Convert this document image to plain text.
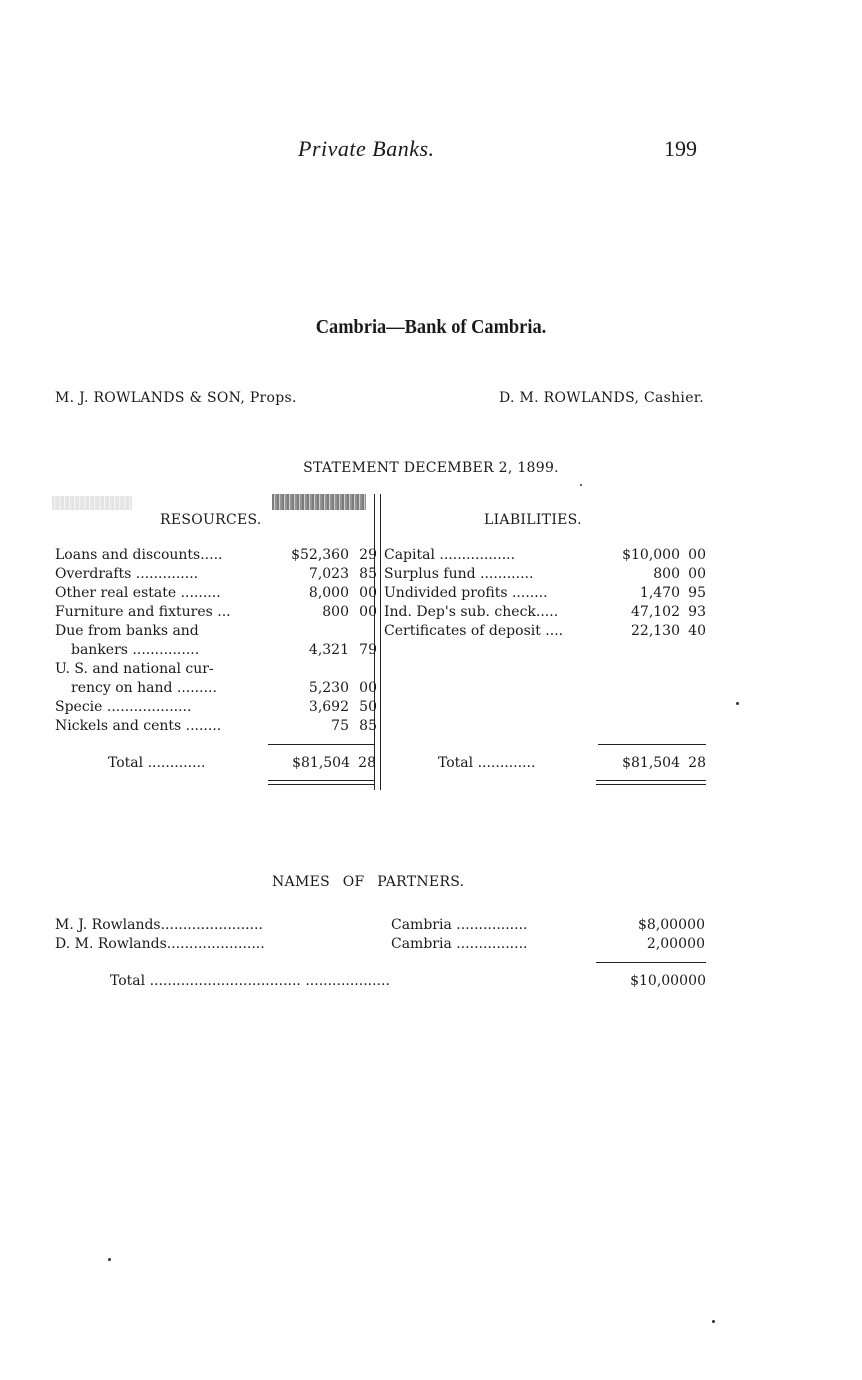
Private Banks.	199
Cambria—Bank of Cambria.
M. J. ROWLANDS & SON, Props.	D. M. ROWLANDS, Cashier.
STATEMENT DECEMBER 2, 1899.
RESOURCES.	LIABILITIES.
Loans and discounts.....	$52,360 29
Overdrafts ..............	7,023 85
Other real estate .........	8,000 00
Furniture and fixtures ...	800 00
Due from banks and
bankers ...............	4,321 79
U. S. and national cur-
rency on hand .........	5,230 00
Specie ...................	3,692 50
Nickels and cents ........	75 85
Capital .................	$10,000 00
Surplus fund ............	800 00
Undivided profits ........	1,470 95
Ind. Dep's sub. check.....	47,102 93
Certificates of deposit ....	22,130 40
Total .............	$81,504 28	Total .............	$81,504 28
NAMES OF PARTNERS.
M. J. Rowlands.......................	Cambria ................	$8,000 00
D. M. Rowlands......................	Cambria ................	2,000 00
Total .................................. ...................	$10,000 00
